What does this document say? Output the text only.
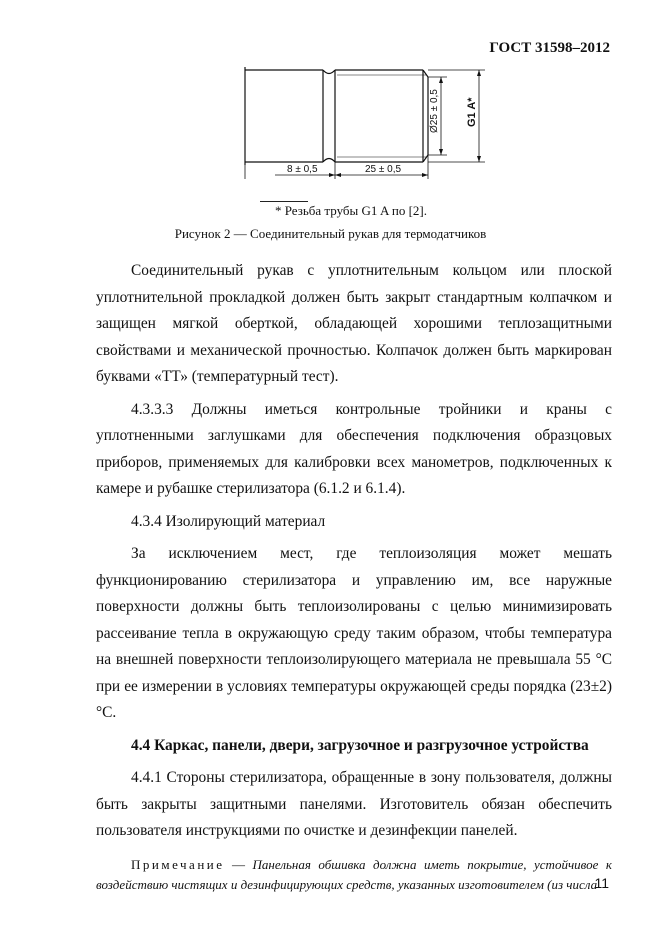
ГОСТ 31598–2012
8 ± 0,5	25 ± 0,5
Ø25 ± 0,5 G1 A*
* Резьба трубы G1 A по [2].
Рисунок 2 — Соединительный рукав для термодатчиков

Соединительный рукав с уплотнительным кольцом или плоской уплотнительной прокладкой должен быть закрыт стандартным колпачком и защищен мягкой оберткой, обладающей хорошими теплозащитными свойствами и механической прочностью. Колпачок должен быть маркирован буквами «ТТ» (температурный тест).

4.3.3.3 Должны иметься контрольные тройники и краны с уплотненными заглушками для обеспечения подключения образцовых приборов, применяемых для калибровки всех манометров, подключенных к камере и рубашке стерилизатора (6.1.2 и 6.1.4).

4.3.4 Изолирующий материал

За исключением мест, где теплоизоляция может мешать функционированию стерилизатора и управлению им, все наружные поверхности должны быть теплоизолированы с целью минимизировать рассеивание тепла в окружающую среду таким образом, чтобы температура на внешней поверхности теплоизолирующего материала не превышала 55 °С при ее измерении в условиях температуры окружающей среды порядка (23±2) °С.

4.4 Каркас, панели, двери, загрузочное и разгрузочное устройства

4.4.1 Стороны стерилизатора, обращенные в зону пользователя, должны быть закрыты защитными панелями. Изготовитель обязан обеспечить пользователя инструкциями по очистке и дезинфекции панелей.

Примечание — Панельная обшивка должна иметь покрытие, устойчивое к воздействию чистящих и дезинфицирующих средств, указанных изготовителем (из числа
11
